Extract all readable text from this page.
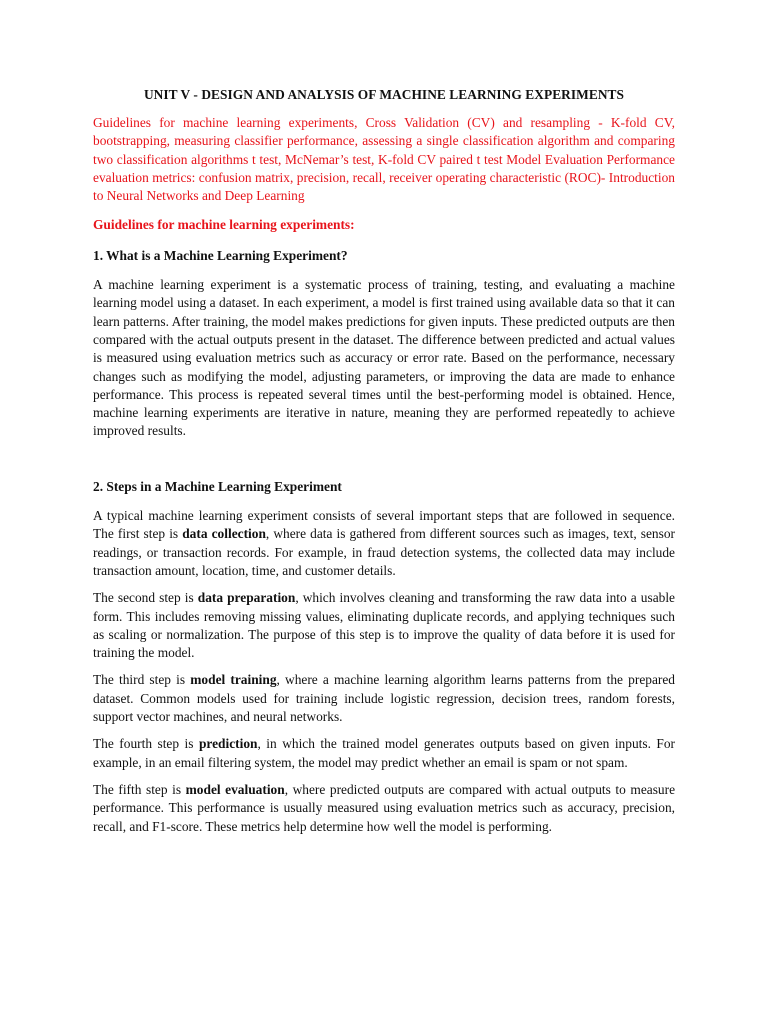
UNIT V - DESIGN AND ANALYSIS OF MACHINE LEARNING EXPERIMENTS

Guidelines for machine learning experiments, Cross Validation (CV) and resampling - K-fold CV, bootstrapping, measuring classifier performance, assessing a single classification algorithm and comparing two classification algorithms t test, McNemar’s test, K-fold CV paired t test Model Evaluation Performance evaluation metrics: confusion matrix, precision, recall, receiver operating characteristic (ROC)- Introduction to Neural Networks and Deep Learning

Guidelines for machine learning experiments:

1. What is a Machine Learning Experiment?

A machine learning experiment is a systematic process of training, testing, and evaluating a machine learning model using a dataset. In each experiment, a model is first trained using available data so that it can learn patterns. After training, the model makes predictions for given inputs. These predicted outputs are then compared with the actual outputs present in the dataset. The difference between predicted and actual values is measured using evaluation metrics such as accuracy or error rate. Based on the performance, necessary changes such as modifying the model, adjusting parameters, or improving the data are made to enhance performance. This process is repeated several times until the best-performing model is obtained. Hence, machine learning experiments are iterative in nature, meaning they are performed repeatedly to achieve improved results.

2. Steps in a Machine Learning Experiment

A typical machine learning experiment consists of several important steps that are followed in sequence. The first step is data collection, where data is gathered from different sources such as images, text, sensor readings, or transaction records. For example, in fraud detection systems, the collected data may include transaction amount, location, time, and customer details.

The second step is data preparation, which involves cleaning and transforming the raw data into a usable form. This includes removing missing values, eliminating duplicate records, and applying techniques such as scaling or normalization. The purpose of this step is to improve the quality of data before it is used for training the model.

The third step is model training, where a machine learning algorithm learns patterns from the prepared dataset. Common models used for training include logistic regression, decision trees, random forests, support vector machines, and neural networks.

The fourth step is prediction, in which the trained model generates outputs based on given inputs. For example, in an email filtering system, the model may predict whether an email is spam or not spam.

The fifth step is model evaluation, where predicted outputs are compared with actual outputs to measure performance. This performance is usually measured using evaluation metrics such as accuracy, precision, recall, and F1-score. These metrics help determine how well the model is performing.
